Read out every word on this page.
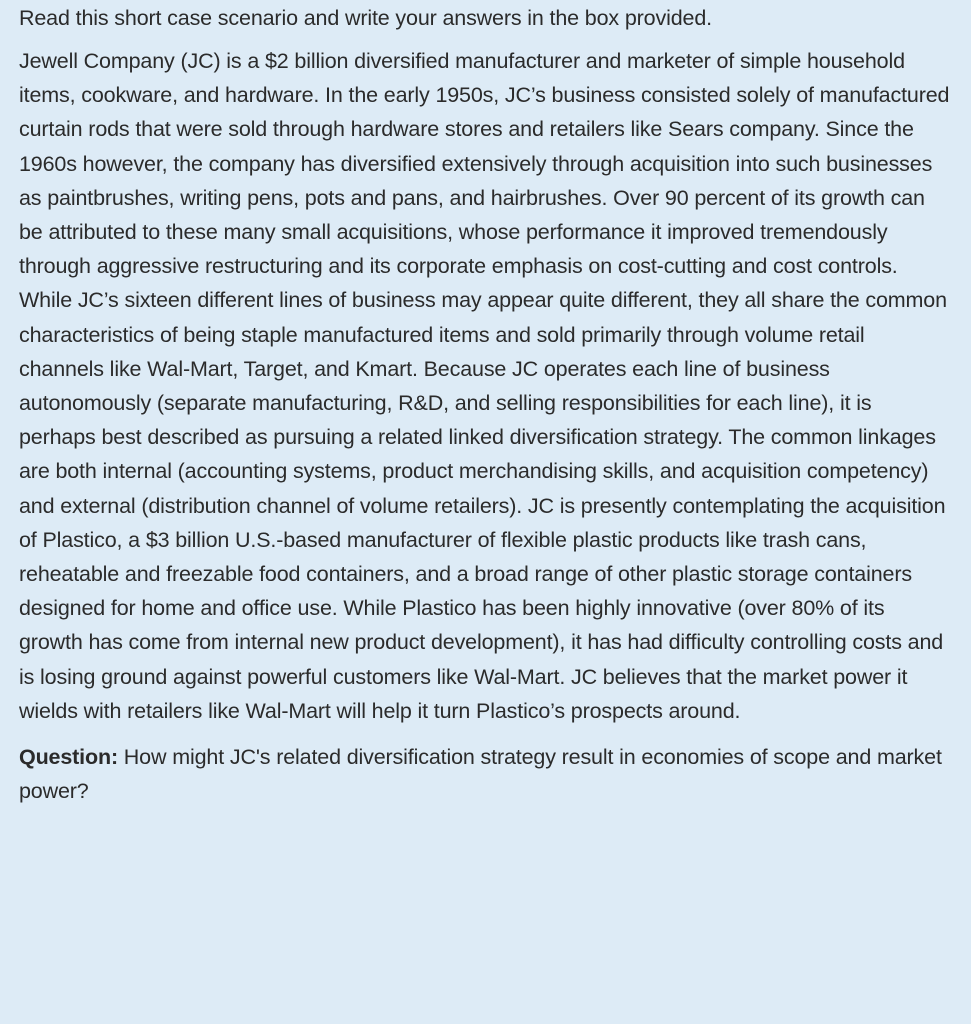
Read this short case scenario and write your answers in the box provided.

Jewell Company (JC) is a $2 billion diversified manufacturer and marketer of simple household items, cookware, and hardware. In the early 1950s, JC’s business consisted solely of manufactured curtain rods that were sold through hardware stores and retailers like Sears company. Since the 1960s however, the company has diversified extensively through acquisition into such businesses as paintbrushes, writing pens, pots and pans, and hairbrushes. Over 90 percent of its growth can be attributed to these many small acquisitions, whose performance it improved tremendously through aggressive restructuring and its corporate emphasis on cost-cutting and cost controls. While JC’s sixteen different lines of business may appear quite different, they all share the common characteristics of being staple manufactured items and sold primarily through volume retail channels like Wal-Mart, Target, and Kmart. Because JC operates each line of business autonomously (separate manufacturing, R&D, and selling responsibilities for each line), it is perhaps best described as pursuing a related linked diversification strategy. The common linkages are both internal (accounting systems, product merchandising skills, and acquisition competency) and external (distribution channel of volume retailers). JC is presently contemplating the acquisition of Plastico, a $3 billion U.S.-based manufacturer of flexible plastic products like trash cans, reheatable and freezable food containers, and a broad range of other plastic storage containers designed for home and office use. While Plastico has been highly innovative (over 80% of its growth has come from internal new product development), it has had difficulty controlling costs and is losing ground against powerful customers like Wal-Mart. JC believes that the market power it wields with retailers like Wal-Mart will help it turn Plastico’s prospects around.

Question: How might JC's related diversification strategy result in economies of scope and market power?
